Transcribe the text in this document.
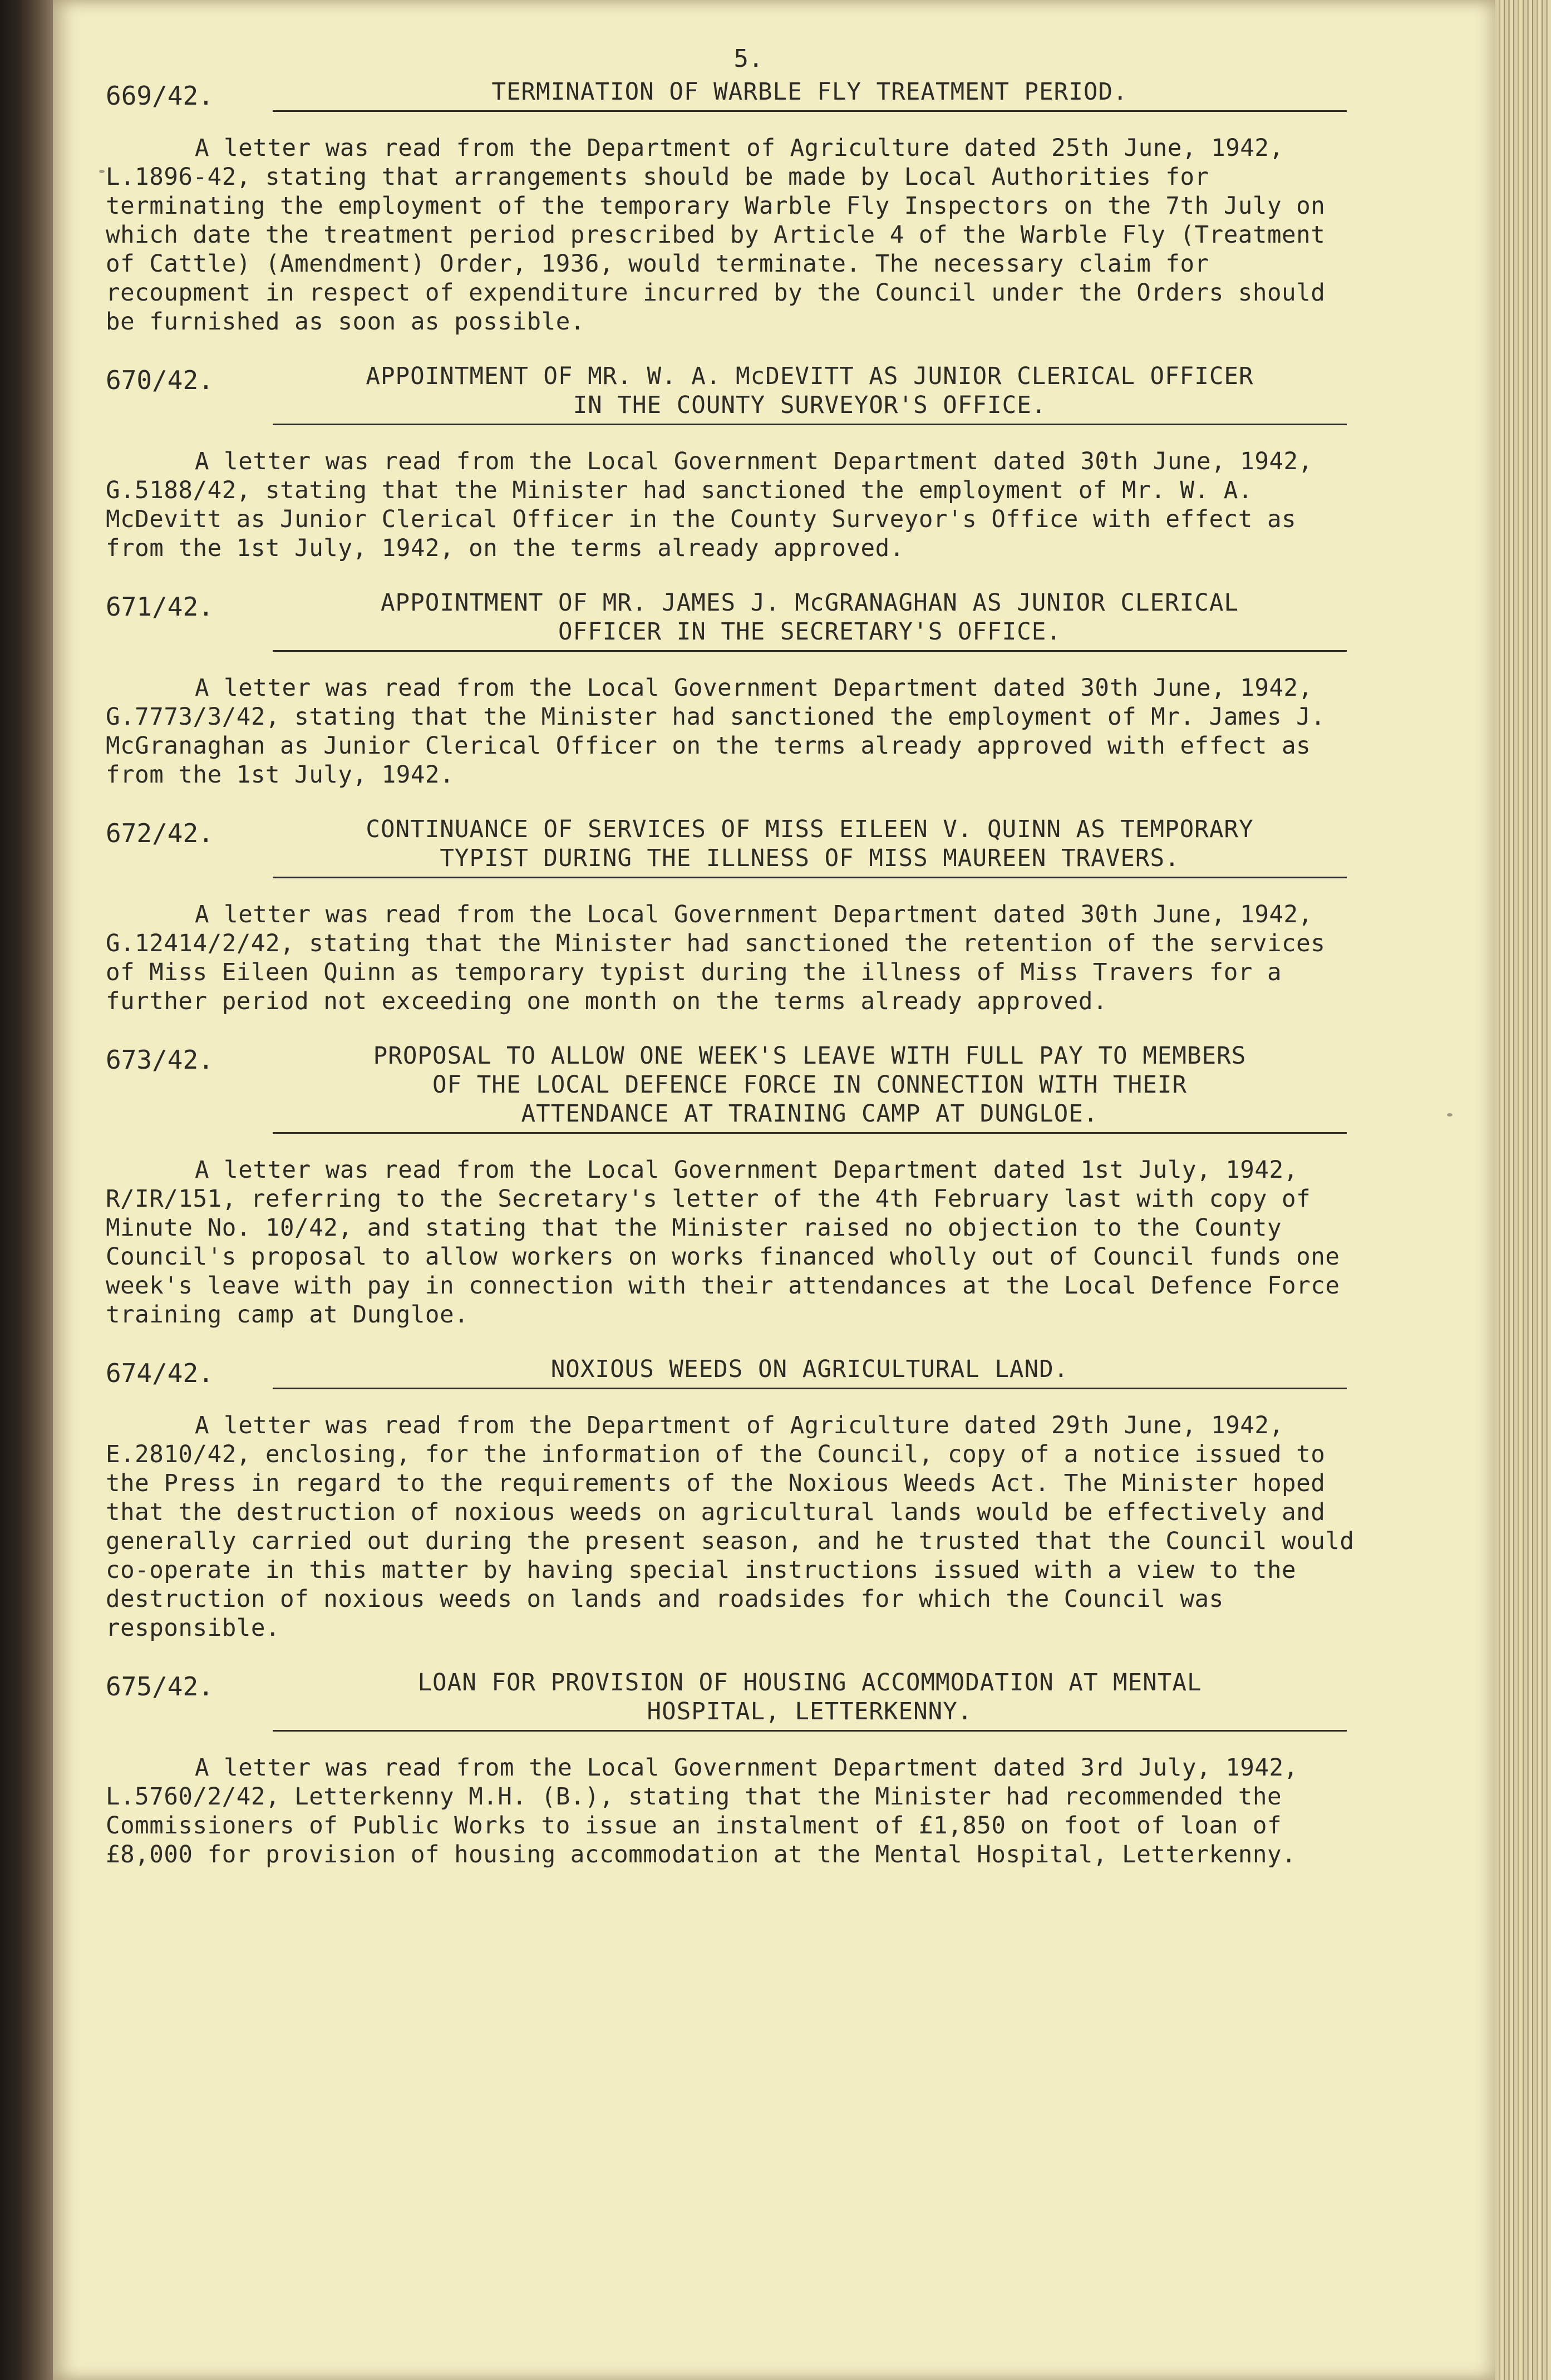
5.
669/42.	TERMINATION OF WARBLE FLY TREATMENT PERIOD.
A letter was read from the Department of Agriculture dated 25th June, 1942, L.1896-42, stating that arrangements should be made by Local Authorities for terminating the employment of the temporary Warble Fly Inspectors on the 7th July on which date the treatment period prescribed by Article 4 of the Warble Fly (Treatment of Cattle) (Amendment) Order, 1936, would terminate. The necessary claim for recoupment in respect of expenditure incurred by the Council under the Orders should be furnished as soon as possible.
670/42.	APPOINTMENT OF MR. W. A. McDEVITT AS JUNIOR CLERICAL OFFICER
IN THE COUNTY SURVEYOR'S OFFICE.
A letter was read from the Local Government Department dated 30th June, 1942, G.5188/42, stating that the Minister had sanctioned the employment of Mr. W. A. McDevitt as Junior Clerical Officer in the County Surveyor's Office with effect as from the 1st July, 1942, on the terms already approved.
671/42.	APPOINTMENT OF MR. JAMES J. McGRANAGHAN AS JUNIOR CLERICAL
OFFICER IN THE SECRETARY'S OFFICE.
A letter was read from the Local Government Department dated 30th June, 1942, G.7773/3/42, stating that the Minister had sanctioned the employment of Mr. James J. McGranaghan as Junior Clerical Officer on the terms already approved with effect as from the 1st July, 1942.
672/42.	CONTINUANCE OF SERVICES OF MISS EILEEN V. QUINN AS TEMPORARY
TYPIST DURING THE ILLNESS OF MISS MAUREEN TRAVERS.
A letter was read from the Local Government Department dated 30th June, 1942, G.12414/2/42, stating that the Minister had sanctioned the retention of the services of Miss Eileen Quinn as temporary typist during the illness of Miss Travers for a further period not exceeding one month on the terms already approved.
673/42.	PROPOSAL TO ALLOW ONE WEEK'S LEAVE WITH FULL PAY TO MEMBERS
OF THE LOCAL DEFENCE FORCE IN CONNECTION WITH THEIR
ATTENDANCE AT TRAINING CAMP AT DUNGLOE.
A letter was read from the Local Government Department dated 1st July, 1942, R/IR/151, referring to the Secretary's letter of the 4th February last with copy of Minute No. 10/42, and stating that the Minister raised no objection to the County Council's proposal to allow workers on works financed wholly out of Council funds one week's leave with pay in connection with their attendances at the Local Defence Force training camp at Dungloe.
674/42.	NOXIOUS WEEDS ON AGRICULTURAL LAND.
A letter was read from the Department of Agriculture dated 29th June, 1942, E.2810/42, enclosing, for the information of the Council, copy of a notice issued to the Press in regard to the requirements of the Noxious Weeds Act. The Minister hoped that the destruction of noxious weeds on agricultural lands would be effectively and generally carried out during the present season, and he trusted that the Council would co-operate in this matter by having special instructions issued with a view to the destruction of noxious weeds on lands and roadsides for which the Council was responsible.
675/42.	LOAN FOR PROVISION OF HOUSING ACCOMMODATION AT MENTAL
HOSPITAL, LETTERKENNY.
A letter was read from the Local Government Department dated 3rd July, 1942, L.5760/2/42, Letterkenny M.H. (B.), stating that the Minister had recommended the Commissioners of Public Works to issue an instalment of £1,850 on foot of loan of £8,000 for provision of housing accommodation at the Mental Hospital, Letterkenny.
